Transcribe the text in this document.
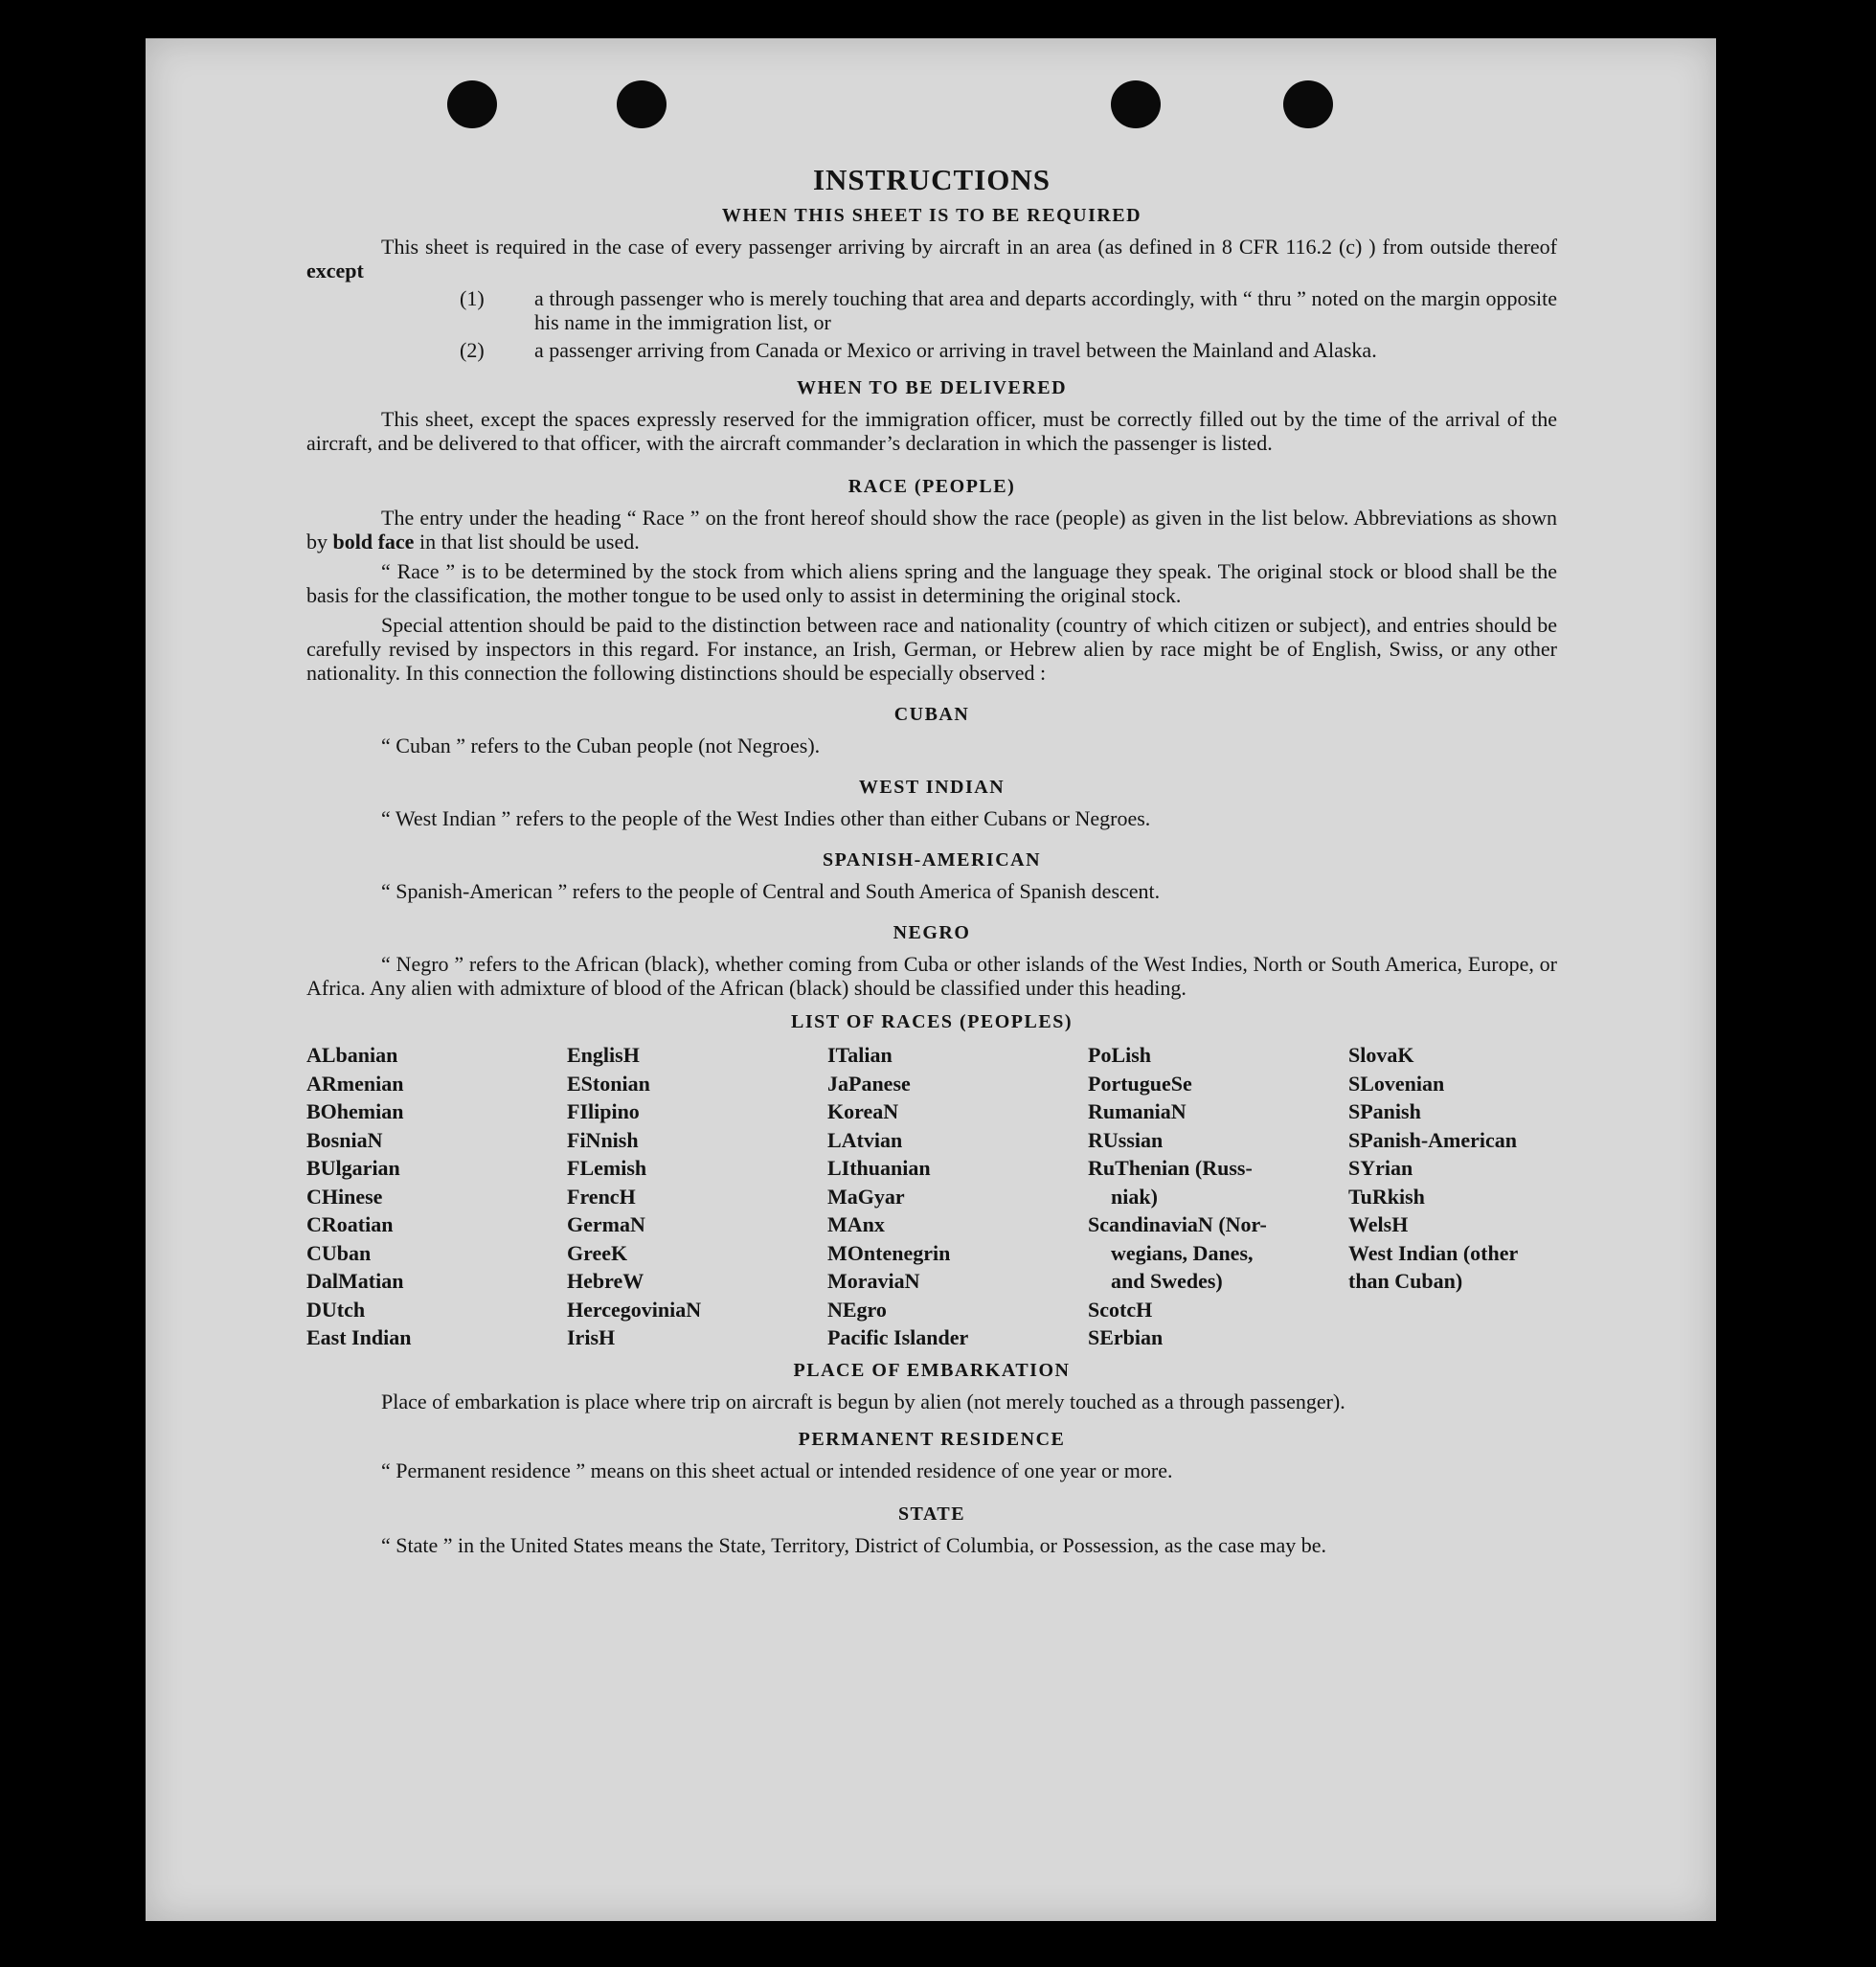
INSTRUCTIONS
WHEN THIS SHEET IS TO BE REQUIRED

This sheet is required in the case of every passenger arriving by aircraft in an area (as defined in 8 CFR 116.2 (c) ) from outside thereof except

(1) a through passenger who is merely touching that area and departs accordingly, with “ thru ” noted on the margin opposite his name in the immigration list, or

(2) a passenger arriving from Canada or Mexico or arriving in travel between the Mainland and Alaska.

WHEN TO BE DELIVERED

This sheet, except the spaces expressly reserved for the immigration officer, must be correctly filled out by the time of the arrival of the aircraft, and be delivered to that officer, with the aircraft commander’s declaration in which the passenger is listed.

RACE (PEOPLE)

The entry under the heading “ Race ” on the front hereof should show the race (people) as given in the list below. Abbreviations as shown by bold face in that list should be used.

“ Race ” is to be determined by the stock from which aliens spring and the language they speak. The original stock or blood shall be the basis for the classification, the mother tongue to be used only to assist in determining the original stock.

Special attention should be paid to the distinction between race and nationality (country of which citizen or subject), and entries should be carefully revised by inspectors in this regard. For instance, an Irish, German, or Hebrew alien by race might be of English, Swiss, or any other nationality. In this connection the following distinctions should be especially observed :

CUBAN

“ Cuban ” refers to the Cuban people (not Negroes).

WEST INDIAN

“ West Indian ” refers to the people of the West Indies other than either Cubans or Negroes.

SPANISH-AMERICAN

“ Spanish-American ” refers to the people of Central and South America of Spanish descent.

NEGRO

“ Negro ” refers to the African (black), whether coming from Cuba or other islands of the West Indies, North or South America, Europe, or Africa. Any alien with admixture of blood of the African (black) should be classified under this heading.

LIST OF RACES (PEOPLES)
ALbanian
ARmenian
BOhemian
BosniaN
BUlgarian
CHinese
CRoatian
CUban
DalMatian
DUtch
East Indian
EnglisH
EStonian
FIlipino
FiNnish
FLemish
FrencH
GermaN
GreeK
HebreW
HercegoviniaN
IrisH
ITalian
JaPanese
KoreaN
LAtvian
LIthuanian
MaGyar
MAnx
MOntenegrin
MoraviaN
NEgro
Pacific Islander
PoLish
PortugueSe
RumaniaN
RUssian
RuThenian (Russ-
niak)
ScandinaviaN (Nor-
wegians, Danes,
and Swedes)
ScotcH
SErbian
SlovaK
SLovenian
SPanish
SPanish-American
SYrian
TuRkish
WelsH
West Indian (other
than Cuban)
PLACE OF EMBARKATION

Place of embarkation is place where trip on aircraft is begun by alien (not merely touched as a through passenger).

PERMANENT RESIDENCE

“ Permanent residence ” means on this sheet actual or intended residence of one year or more.

STATE

“ State ” in the United States means the State, Territory, District of Columbia, or Possession, as the case may be.
